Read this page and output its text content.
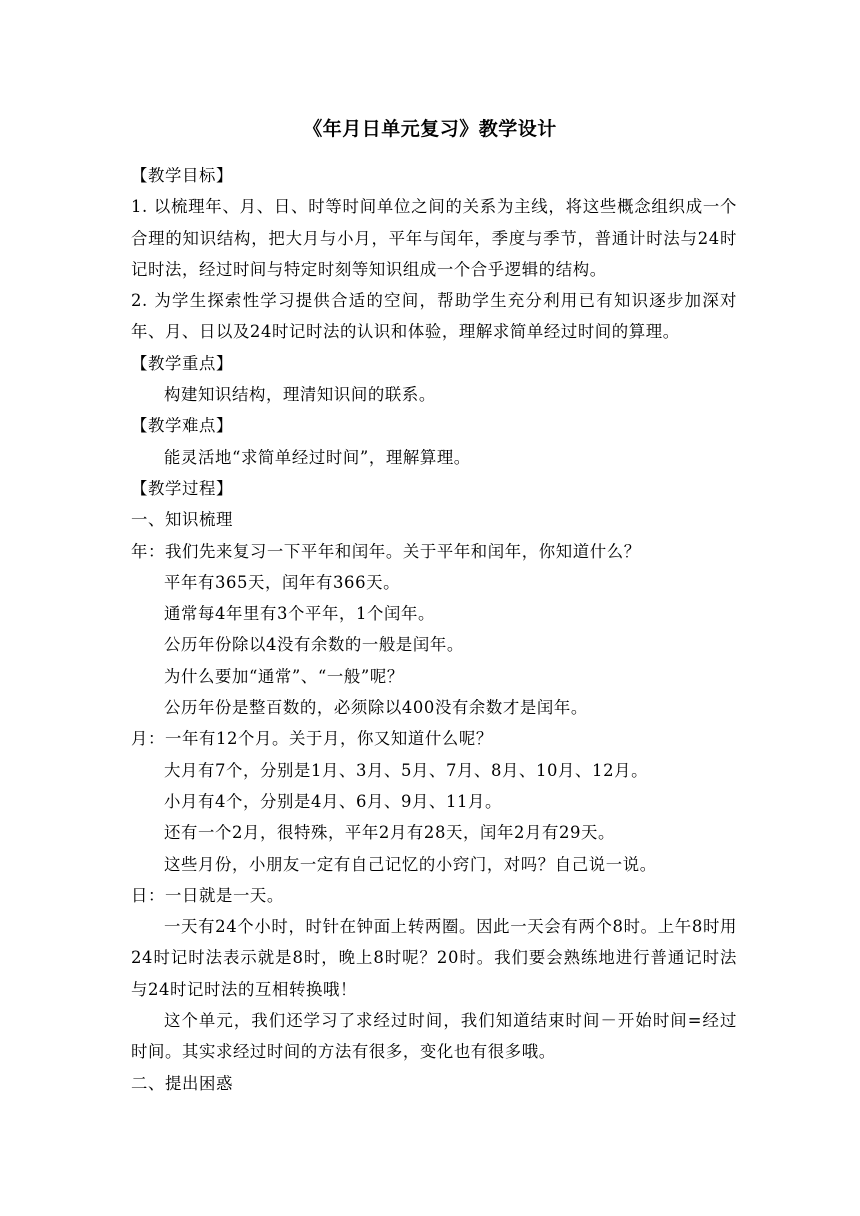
《年月日单元复习》教学设计

【教学目标】

1. 以梳理年、月、日、时等时间单位之间的关系为主线，将这些概念组织成一个合理的知识结构，把大月与小月，平年与闰年，季度与季节，普通计时法与24时记时法，经过时间与特定时刻等知识组成一个合乎逻辑的结构。

2. 为学生探索性学习提供合适的空间，帮助学生充分利用已有知识逐步加深对年、月、日以及24时记时法的认识和体验，理解求简单经过时间的算理。

【教学重点】

构建知识结构，理清知识间的联系。

【教学难点】

能灵活地“求简单经过时间”，理解算理。

【教学过程】

一、知识梳理

年：我们先来复习一下平年和闰年。关于平年和闰年，你知道什么？

平年有365天，闰年有366天。

通常每4年里有3个平年，1个闰年。

公历年份除以4没有余数的一般是闰年。

为什么要加“通常”、“一般”呢？

公历年份是整百数的，必须除以400没有余数才是闰年。

月：一年有12个月。关于月，你又知道什么呢？

大月有7个，分别是1月、3月、5月、7月、8月、10月、12月。

小月有4个，分别是4月、6月、9月、11月。

还有一个2月，很特殊，平年2月有28天，闰年2月有29天。

这些月份，小朋友一定有自己记忆的小窍门，对吗？自己说一说。

日：一日就是一天。

一天有24个小时，时针在钟面上转两圈。因此一天会有两个8时。上午8时用24时记时法表示就是8时，晚上8时呢？20时。我们要会熟练地进行普通记时法与24时记时法的互相转换哦！

这个单元，我们还学习了求经过时间，我们知道结束时间－开始时间=经过时间。其实求经过时间的方法有很多，变化也有很多哦。

二、提出困惑
